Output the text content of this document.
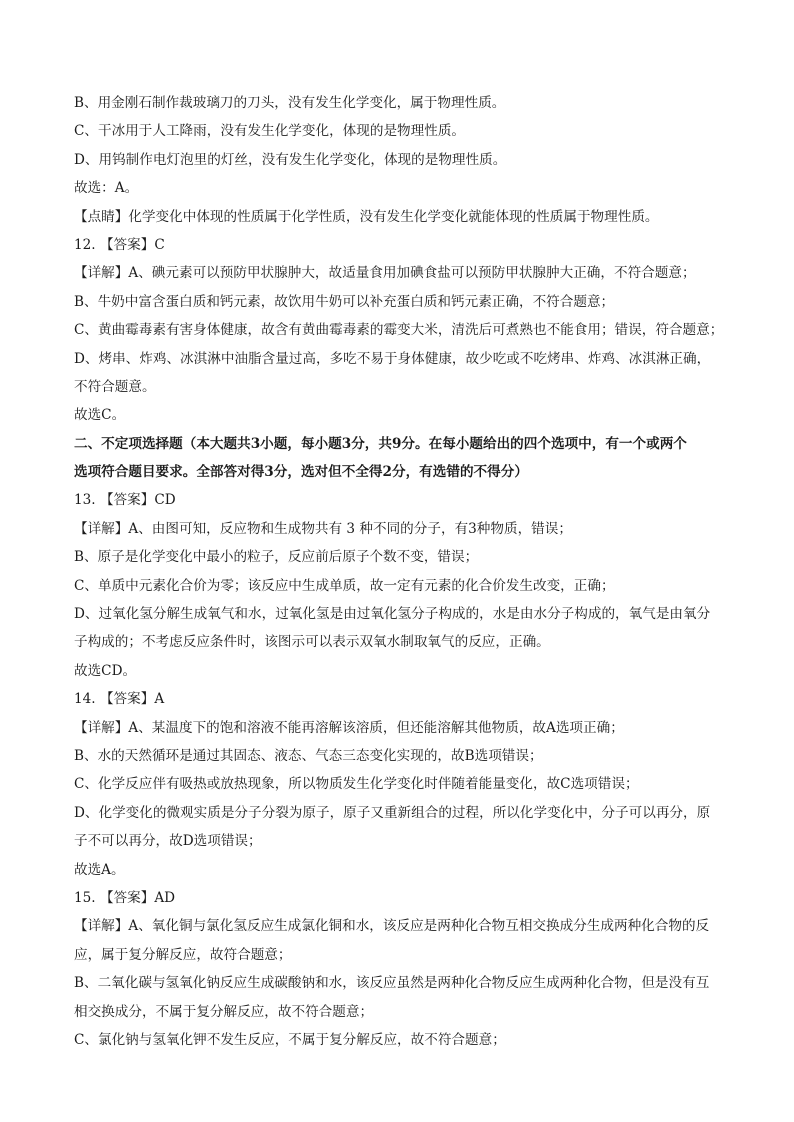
B、用金刚石制作裁玻璃刀的刀头，没有发生化学变化，属于物理性质。
C、干冰用于人工降雨，没有发生化学变化，体现的是物理性质。
D、用钨制作电灯泡里的灯丝，没有发生化学变化，体现的是物理性质。
故选：A。
【点睛】化学变化中体现的性质属于化学性质，没有发生化学变化就能体现的性质属于物理性质。
12. 【答案】C
【详解】A、碘元素可以预防甲状腺肿大，故适量食用加碘食盐可以预防甲状腺肿大正确，不符合题意；
B、牛奶中富含蛋白质和钙元素，故饮用牛奶可以补充蛋白质和钙元素正确，不符合题意；
C、黄曲霉毒素有害身体健康，故含有黄曲霉毒素的霉变大米，清洗后可煮熟也不能食用；错误，符合题意；
D、烤串、炸鸡、冰淇淋中油脂含量过高，多吃不易于身体健康，故少吃或不吃烤串、炸鸡、冰淇淋正确，
不符合题意。
故选C。
二、不定项选择题（本大题共3小题，每小题3分，共9分。在每小题给出的四个选项中，有一个或两个
选项符合题目要求。全部答对得3分，选对但不全得2分，有选错的不得分）
13. 【答案】CD
【详解】A、由图可知，反应物和生成物共有 3 种不同的分子，有3种物质，错误；
B、原子是化学变化中最小的粒子，反应前后原子个数不变，错误；
C、单质中元素化合价为零；该反应中生成单质，故一定有元素的化合价发生改变，正确；
D、过氧化氢分解生成氧气和水，过氧化氢是由过氧化氢分子构成的，水是由水分子构成的，氧气是由氧分
子构成的；不考虑反应条件时，该图示可以表示双氧水制取氧气的反应，正确。
故选CD。
14. 【答案】A
【详解】A、某温度下的饱和溶液不能再溶解该溶质，但还能溶解其他物质，故A选项正确；
B、水的天然循环是通过其固态、液态、气态三态变化实现的，故B选项错误；
C、化学反应伴有吸热或放热现象，所以物质发生化学变化时伴随着能量变化，故C选项错误；
D、化学变化的微观实质是分子分裂为原子，原子又重新组合的过程，所以化学变化中，分子可以再分，原
子不可以再分，故D选项错误；
故选A。
15. 【答案】AD
【详解】A、氧化铜与氯化氢反应生成氯化铜和水，该反应是两种化合物互相交换成分生成两种化合物的反
应，属于复分解反应，故符合题意；
B、二氧化碳与氢氧化钠反应生成碳酸钠和水，该反应虽然是两种化合物反应生成两种化合物，但是没有互
相交换成分，不属于复分解反应，故不符合题意；
C、氯化钠与氢氧化钾不发生反应，不属于复分解反应，故不符合题意；
